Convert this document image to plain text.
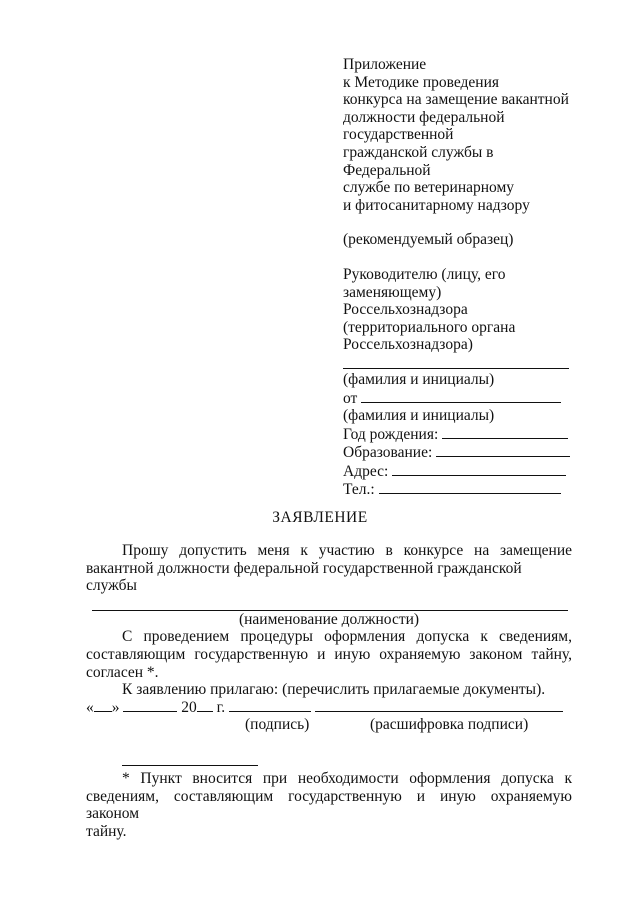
Приложение
к Методике проведения
конкурса на замещение вакантной
должности федеральной
государственной
гражданской службы в
Федеральной
службе по ветеринарному
и фитосанитарному надзору
(рекомендуемый образец)
Руководителю (лицу, его
заменяющему)
Россельхознадзора
(территориального органа
Россельхознадзора)
(фамилия и инициалы)
от
(фамилия и инициалы)
Год рождения:
Образование:
Адрес:
Тел.:
ЗАЯВЛЕНИЕ
Прошу допустить меня к участию в конкурсе на замещение
вакантной должности федеральной государственной гражданской службы
(наименование должности)
С проведением процедуры оформления допуска к сведениям,
составляющим государственную и иную охраняемую законом тайну,
согласен *.
К заявлению прилагаю: (перечислить прилагаемые документы).
« »	20 г.
(подпись)	(расшифровка подписи)
* Пункт вносится при необходимости оформления допуска к
сведениям, составляющим государственную и иную охраняемую законом
тайну.
